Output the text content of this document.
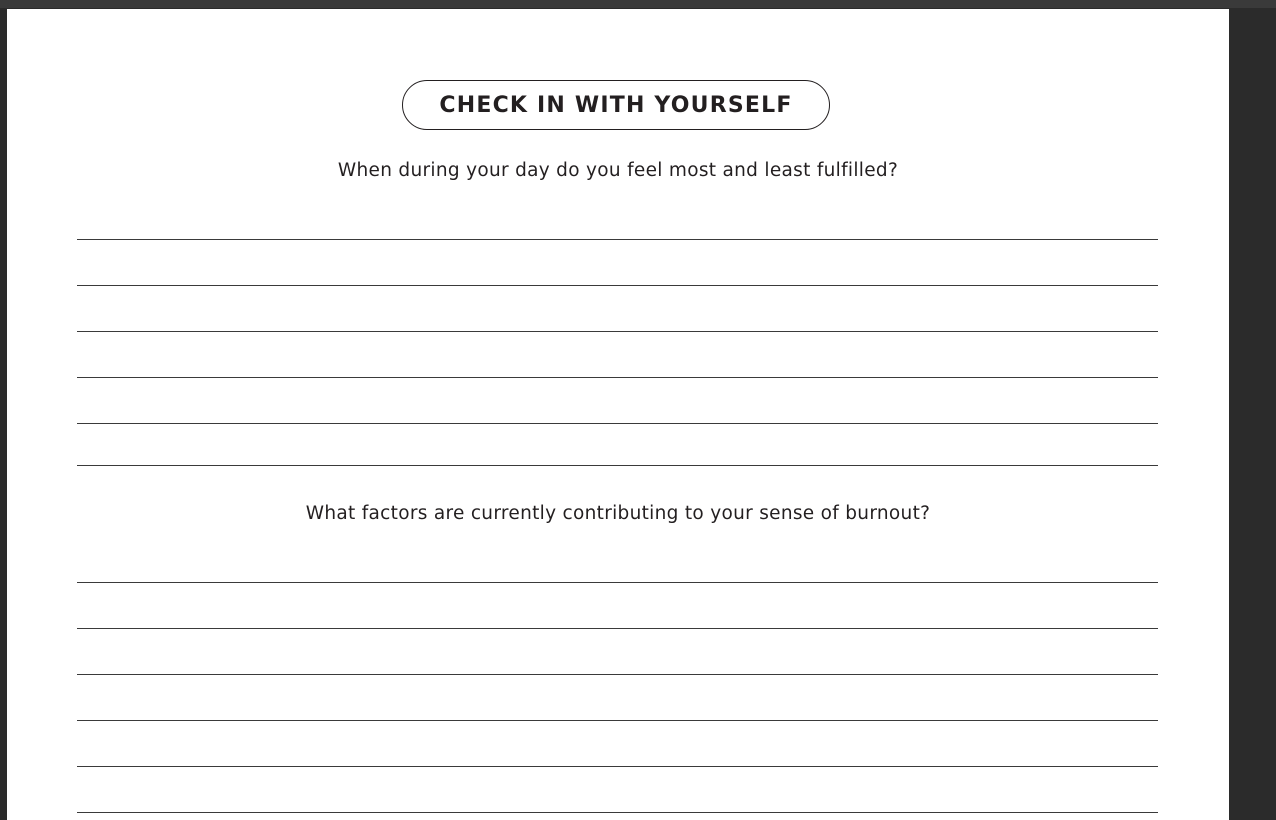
CHECK IN WITH YOURSELF
When during your day do you feel most and least fulfilled?
What factors are currently contributing to your sense of burnout?
